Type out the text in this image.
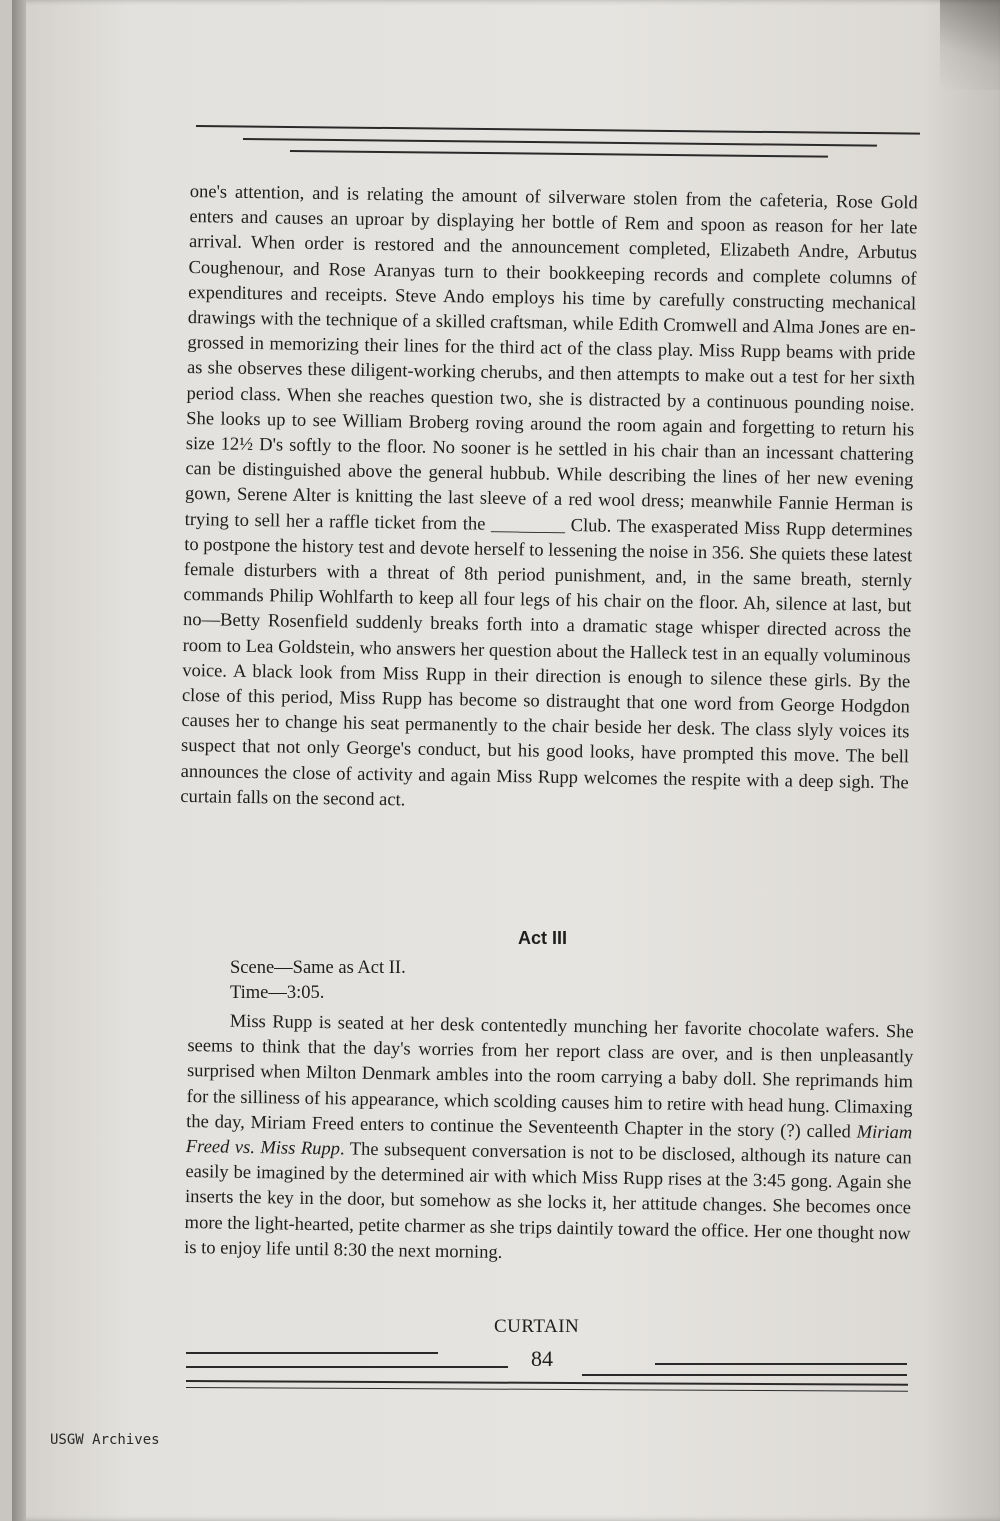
one's attention, and is relating the amount of silverware stolen from the cafeteria, Rose Gold enters and causes an uproar by displaying her bottle of Rem and spoon as reason for her late arrival. When order is restored and the announcement completed, Elizabeth Andre, Arbutus Coughenour, and Rose Aranyas turn to their bookkeeping records and complete columns of expenditures and receipts. Steve Ando employs his time by carefully constructing mechanical drawings with the technique of a skilled craftsman, while Edith Cromwell and Alma Jones are engrossed in memorizing their lines for the third act of the class play. Miss Rupp beams with pride as she observes these diligent-working cherubs, and then attempts to make out a test for her sixth period class. When she reaches question two, she is distracted by a continuous pounding noise. She looks up to see William Broberg roving around the room again and forgetting to return his size 12½ D's softly to the floor. No sooner is he settled in his chair than an incessant chattering can be distinguished above the general hubbub. While describing the lines of her new evening gown, Serene Alter is knitting the last sleeve of a red wool dress; meanwhile Fannie Herman is trying to sell her a raffle ticket from the ________ Club. The exasperated Miss Rupp determines to postpone the history test and devote herself to lessening the noise in 356. She quiets these latest female disturbers with a threat of 8th period punishment, and, in the same breath, sternly commands Philip Wohlfarth to keep all four legs of his chair on the floor. Ah, silence at last, but no—Betty Rosenfield suddenly breaks forth into a dramatic stage whisper directed across the room to Lea Goldstein, who answers her question about the Halleck test in an equally voluminous voice. A black look from Miss Rupp in their direction is enough to silence these girls. By the close of this period, Miss Rupp has become so distraught that one word from George Hodgdon causes her to change his seat permanently to the chair beside her desk. The class slyly voices its suspect that not only George's conduct, but his good looks, have prompted this move. The bell announces the close of activity and again Miss Rupp welcomes the respite with a deep sigh. The curtain falls on the second act.

Act III
Scene—Same as Act II.
Time—3:05.

Miss Rupp is seated at her desk contentedly munching her favorite chocolate wafers. She seems to think that the day's worries from her report class are over, and is then unpleasantly surprised when Milton Denmark ambles into the room carrying a baby doll. She reprimands him for the silliness of his appearance, which scolding causes him to retire with head hung. Climaxing the day, Miriam Freed enters to continue the Seventeenth Chapter in the story (?) called Miriam Freed vs. Miss Rupp. The subsequent conversation is not to be disclosed, although its nature can easily be imagined by the determined air with which Miss Rupp rises at the 3:45 gong. Again she inserts the key in the door, but somehow as she locks it, her attitude changes. She becomes once more the light-hearted, petite charmer as she trips daintily toward the office. Her one thought now is to enjoy life until 8:30 the next morning.

CURTAIN
84
USGW Archives
